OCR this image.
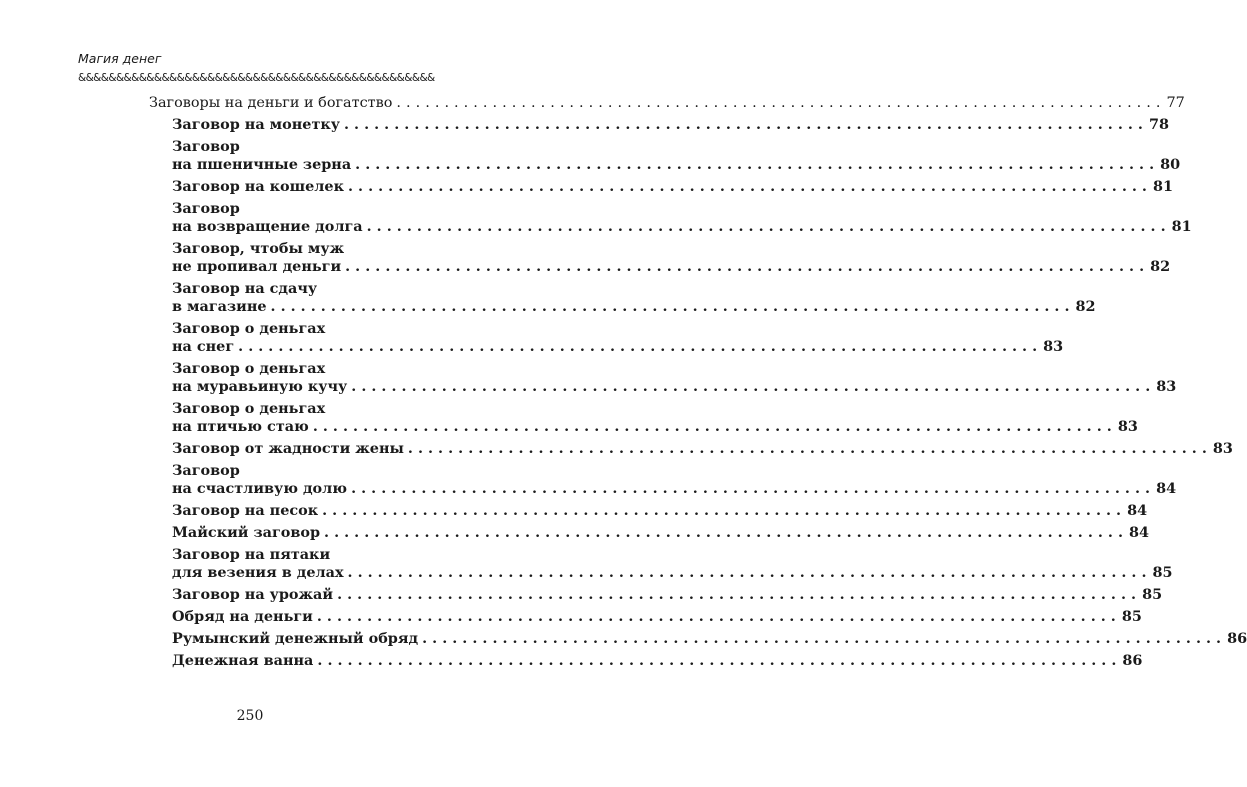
Магия денег
&&&&&&&&&&&&&&&&&&&&&&&&&&&&&&&&&&&&&&&&&&&&&&&
Заговоры на деньги и богатство ................................................................................ 77
Заговор на монетку ................................................................................ 78
Заговор
на пшеничные зерна ................................................................................ 80
Заговор на кошелек ................................................................................ 81
Заговор
на возвращение долга ................................................................................ 81
Заговор, чтобы муж
не пропивал деньги ................................................................................ 82
Заговор на сдачу
в магазине ................................................................................ 82
Заговор о деньгах
на снег ................................................................................ 83
Заговор о деньгах
на муравьиную кучу ................................................................................ 83
Заговор о деньгах
на птичью стаю ................................................................................ 83
Заговор от жадности жены ................................................................................ 83
Заговор
на счастливую долю ................................................................................ 84
Заговор на песок ................................................................................ 84
Майский заговор ................................................................................ 84
Заговор на пятаки
для везения в делах ................................................................................ 85
Заговор на урожай ................................................................................ 85
Обряд на деньги ................................................................................ 85
Румынский денежный обряд ................................................................................ 86
Денежная ванна ................................................................................ 86
250
